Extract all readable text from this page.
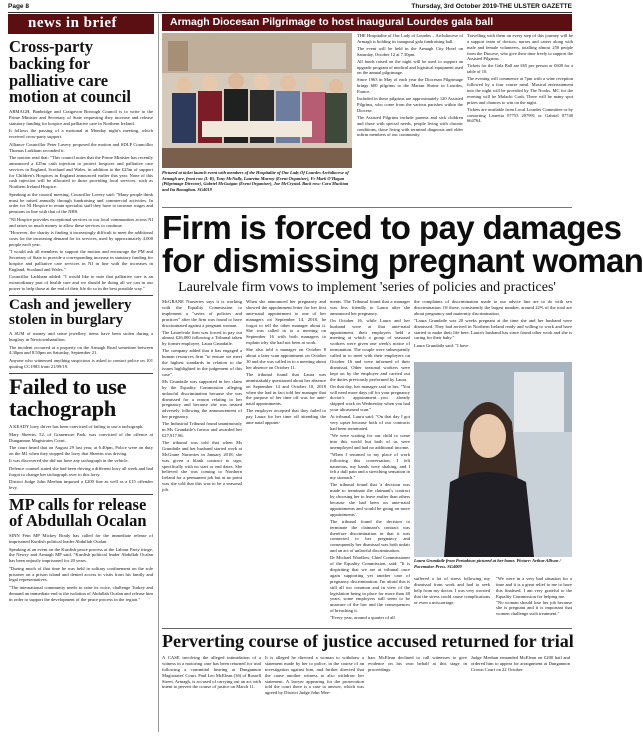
Page 8	Thursday, 3rd October 2019-THE ULSTER GAZETTE
news in brief
Cross-party backing for palliative care motion at council

ARMAGH, Banbridge and Craigavon Borough Council is to write to the Prime Minister and Secretary of State requesting they increase and release statutory funding for hospice and palliative care in Northern Ireland.

It follows the passing of a motional at Monday night's meeting, which received cross-party support.

Alliance Councillor Peter Lavery proposed the motion and SDLP Councillor Thomas Larkham seconded it.

The motion read that: "This council notes that the Prime Minister has recently announced a £25m cash injection to protect hospices and palliative care services in England, Scotland and Wales, in addition to the £25m of support for Children's Hospices in England announced earlier this year. None of this cash injection will be allocated to those providing local services, such as Northern Ireland Hospice.

Speaking at the council meeting, Councillor Lavery said: "Many people think must be raised annually through fundraising and commercial activities. In order for NI Hospice to retain specialist staff they have to increase wages and pensions in line with that of the NHS.

"NI Hospice provides exceptional services to our local communities across NI and raises so much money to allow these services to continue.

"However, the charity is finding it increasingly difficult to meet the additional costs for the increasing demand for its services, used by approximately 4,000 people each year.

"I would ask all members to support the motion and encourage the PM and Secretary of State to provide a corresponding increase in statutory funding for hospice and palliative care services in NI in line with the increases in England, Scotland and Wales."

Councillor Larkham added: "I would like to note that palliative care is an extraordinary part of health care and we should be doing all we can in our power to help those at the end of their life do so in the best possible way."

Cash and jewellery stolen in burglary

A SUM of money and some jewellery items have been stolen during a burglary in Newtownhamilton.

The incident occurred at a property on the Armagh Road sometime between 4.30pm and 8.50pm on Saturday, September 21.

Anyone who witnessed anything suspicious is asked to contact police on 101 quoting CC1983 from 21/09/19.

Failed to use tachograph

A KEADY lorry driver has been convicted of failing to use a tachograph.

Mary Sheerin, 52, of Granemore Park, was convicted of the offence at Dungannon Magistrates Court.

The court heard that on August 29 last year, at 6.40pm, Police were on duty on the M1 when they stopped the lorry that Sheerin was driving.

It was discovered she did not have any tachograph in the vehicle.

Defence counsel stated she had been driving a different lorry all week and had forgot to change her tachograph over to this lorry.

District Judge John Meehan imposed a £200 fine as well as a £15 offender levy.

MP calls for release of Abdullah Ocalan

SINN Féin MP Mickey Brady has called for the immediate release of imprisoned Kurdish political leader Abdullah Ocalan.

Speaking at an event on the Kurdish peace process at the Labour Party fringe, the Newry and Armagh MP said, "Kurdish political leader Abdullah Ocalan has been unjustly imprisoned for 20 years.

"During much of that time he was held in solitary confinement on the sole prisoner on a prison island and denied access to visits from his family and legal representatives.

"The international community needs to raise its voice, challenge Turkey and demand an immediate end to the isolation of Abdullah Ocalan and release him in order to support the development of the peace process in the region."

Armagh Diocesan Pilgrimage to host inaugural Lourdes gala ball
Pictured at ticket launch event with members of the Hospitalite of Our Lady Of Lourdes Archdiocese of Armagh are, front row (L-R), Tony McNally, Lauretta Murray (Event Organiser), Fr Mark O'Hagan (Pilgrimage Director), Gabriel McGuigan (Event Organiser), Joe McCrystal. Back row: Cora Muckian and Ita Bonaghan. SG4019

THE Hospitalite of Our Lady of Lourdes – Archdiocese of Armagh is holding its inaugural gala fundraising ball.

The event will be held in the Armagh City Hotel on Saturday, October 12 at 7.30pm.

All funds raised on the night will be used to support an upgrade program of medical and logistical equipment used on the annual pilgrimage.

Since 1963 in May of each year the Diocesan Pilgrimage brings 600 pilgrims to the Marian Shrine in Lourdes, France.

Included in these pilgrims are approximately 120 Assisted Pilgrims, who come from the various parishes within the Diocese.

The Assisted Pilgrims include parents and sick children and those with special needs, people living with chronic conditions, those living with terminal diagnosis and elder infirm members of our community.

Travelling with them on every step of this journey will be a support team of doctors, nurses and carers along with male and female volunteers, totalling almost 250 people from the Diocese, who give their time freely to support the Assisted Pilgrims.

Tickets for the Gala Ball are £65 per person or £600 for a table of 10.

The evening will commence at 7pm with a wine reception followed by a four course meal. Musical entertainment into the night will be provided by The Nooks. MC for the evening will be Malachi Cush. There will be many spot prizes and chances to win on the night.

Tickets are available from Local Lourdes Committee or by contacting Lauretta 07753 207991 or Gabriel 07740 664764.

Firm is forced to pay damages
for dismissing pregnant woman
Laurelvale firm vows to implement 'series of policies and practices'

McGRANE Nurseries says it is working with the Equality Commission to implement a "series of policies and practices" after the firm was found to have discriminated against a pregnant woman.

The Laurelvale firm was forced to pay out almost £26,000 following a Tribunal taken by former employee, Laura Grundaile.

The company added that it has engaged a human resources firm "to ensure we meet the highest standards in relation to the issues highlighted in the judgement of this case".

Ms Grundaile was supported in her claim by the Equality Commission alleging unlawful discrimination because she was dismissed for a reason relating to her pregnancy and because she was treated adversely following the announcement of her pregnancy.

The Industrial Tribunal found unanimously in Ms Grundaile's favour and awarded her £27,917.86.

The tribunal was told that when Ms Grundaile and her husband started work at McGrane Nurseries in January 2018, she was given a blank contract to sign, specifically with no start or end dates. She believed she was coming to Northern Ireland for a permanent job but at no point was she told that this was to be a seasonal job.

When she announced her pregnancy and showed the appointment letter for her first ante-natal appointment to one of her managers on September 14, 2018, he forgot to tell the other manager about it. She was called in to a meeting on September 16 with both managers to explain why she had not been at work.

She also told a manager on October 8 about a later scan appointment on October 10 and she was called in to a meeting about her absence on October 11.

The tribunal found that Laura was unmistakably questioned about her absence on September 14 and October 10, 2018 when she had in fact told her manager that the purpose of her time off was for ante-natal appointments.

The employer accepted that they failed to pay Laura for her time off attending the ante natal appoint-

ments. The Tribunal found that a manager was less friendly to Laura after she announced her pregnancy.

On October 16, while Laura and her husband were at that ante-natal appointment, their employers held a meeting at which a group of seasonal workers were given one week's notice of termination. The couple were subsequently called in to meet with their employers on October 16 and were informed of their dismissal. Other seasonal workers were kept on by the employer and carried out the duties previously performed by Laura.

On that day, her manager said to her, "You will need more days off for your pregnancy doctor's appointment…you already skipped work on Wednesday when you had your ultrasound scan."

At tribunal, Laura said: "On that day I got very upset because both of our contracts had been terminated.

"We were waiting for our child to come into this world but both of us were unemployed and had no additional income.

"When I returned to my place of work following this conversation, I felt nauseous, my hands were shaking, and I felt a dull pain and a stretching sensation in my stomach."

The tribunal found that 'a decision was made to terminate the claimant's contract by choosing her to leave earlier than others because she had been on ante-natal appointments and would be going on more appointments'.

The tribunal found the decision to terminate the claimant's contract was therefore discrimination in that it was connected to her pregnancy and consequently her dismissal was both unfair and an act of unlawful discrimination.

Dr Michael Wardlow, Chief Commissioner of the Equality Commission, said: "It is dispiriting that we are at tribunal once again supporting yet another case of pregnancy discrimination. I'm afraid this is still all too common and in view of the legislation being in place for more than 40 years, some employers still seem to be unaware of the law and the consequences of breaching it.

"Every year, around a quarter of all

the complaints of discrimination made to our advice line are to do with sex discrimination. Of those, consistently the largest number, around 22% of the total are about pregnancy and maternity discrimination.

"Laura Grundaile was 20 weeks pregnant at the time she and her husband were dismissed. They had arrived in Northern Ireland ready and willing to work and have started to make their life here. Laura's husband has since found other work and she is caring for their baby."

Laura Grundaile said: "I have

Laura Grundaile from Portadown pictured at her home. Picture: Arthur Allison / Pacemaker Press. SG4009

suffered a lot of stress following my dismissal from work and had to seek help from my doctor. I was very worried that the stress could cause complications or even a miscarriage.

"We were in a very bad situation for a time and it is a great relief to me to have this finalised. I am very grateful to the Equality Commission for helping me.

"No woman should lose her job because she is pregnant and it is important that women challenge such treatment."

Perverting course of justice accused returned for trial

A CASE involving the alleged intimidation of a witness in a motoring case has been returned for trial following a committal hearing at Dungannon Magistrates' Court. Paul Leo McElean (36) of Russell Street, Armagh, is accused of carrying out an act with intent to pervert the course of justice on March 11.

It is alleged he directed a woman to withdraw a statement made by her to police, in the course of an investigation against him, and further directed that the cause another witness to also withdraw her statement. A lawyer appearing for the prosecution told the court there is a case to answer, which was agreed by District Judge John Mee-

han. McElean declined to call witnesses to give evidence on his own behalf at this stage in proceedings.

Judge Meehan remanded McElean on £200 bail and ordered him to appear for arraignment at Dungannon Crown Court on 22 October.
